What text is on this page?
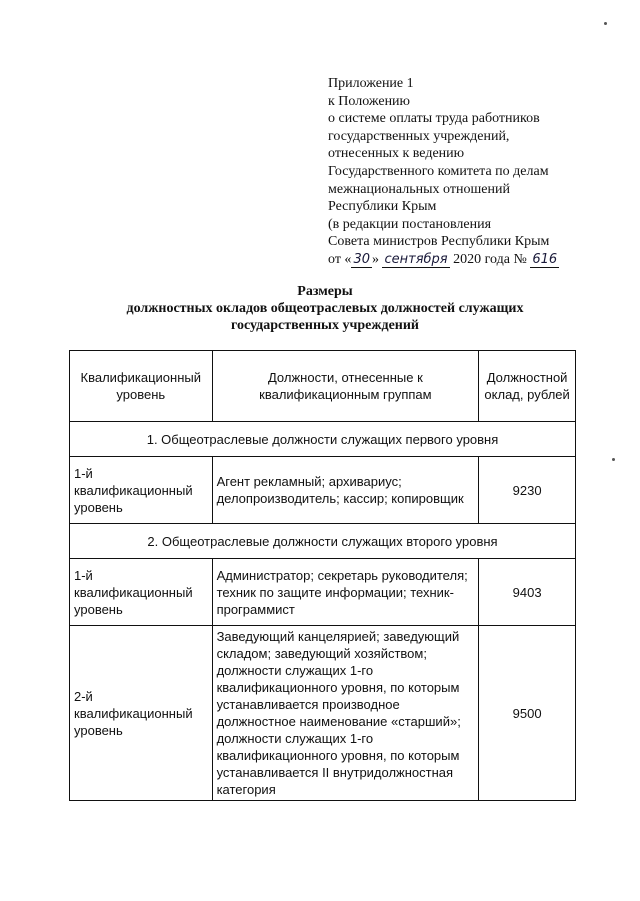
Приложение 1
к Положению
о системе оплаты труда работников
государственных учреждений,
отнесенных к ведению
Государственного комитета по делам
межнациональных отношений
Республики Крым
(в редакции постановления
Совета министров Республики Крым
от « 30 » сентября 2020 года № 616
Размеры
должностных окладов общеотраслевых должностей служащих
государственных учреждений
Квалификационный уровень	Должности, отнесенные к квалификационным группам	Должностной оклад, рублей
1. Общеотраслевые должности служащих первого уровня		
1-й квалификационный уровень	Агент рекламный; архивариус; делопроизводитель; кассир; копировщик	9230
2. Общеотраслевые должности служащих второго уровня		
1-й квалификационный уровень	Администратор; секретарь руководителя; техник по защите информации; техник-программист	9403
2-й квалификационный уровень	Заведующий канцелярией; заведующий складом; заведующий хозяйством; должности служащих 1-го квалификационного уровня, по которым устанавливается производное должностное наименование «старший»; должности служащих 1-го квалификационного уровня, по которым устанавливается II внутридолжностная категория	9500
